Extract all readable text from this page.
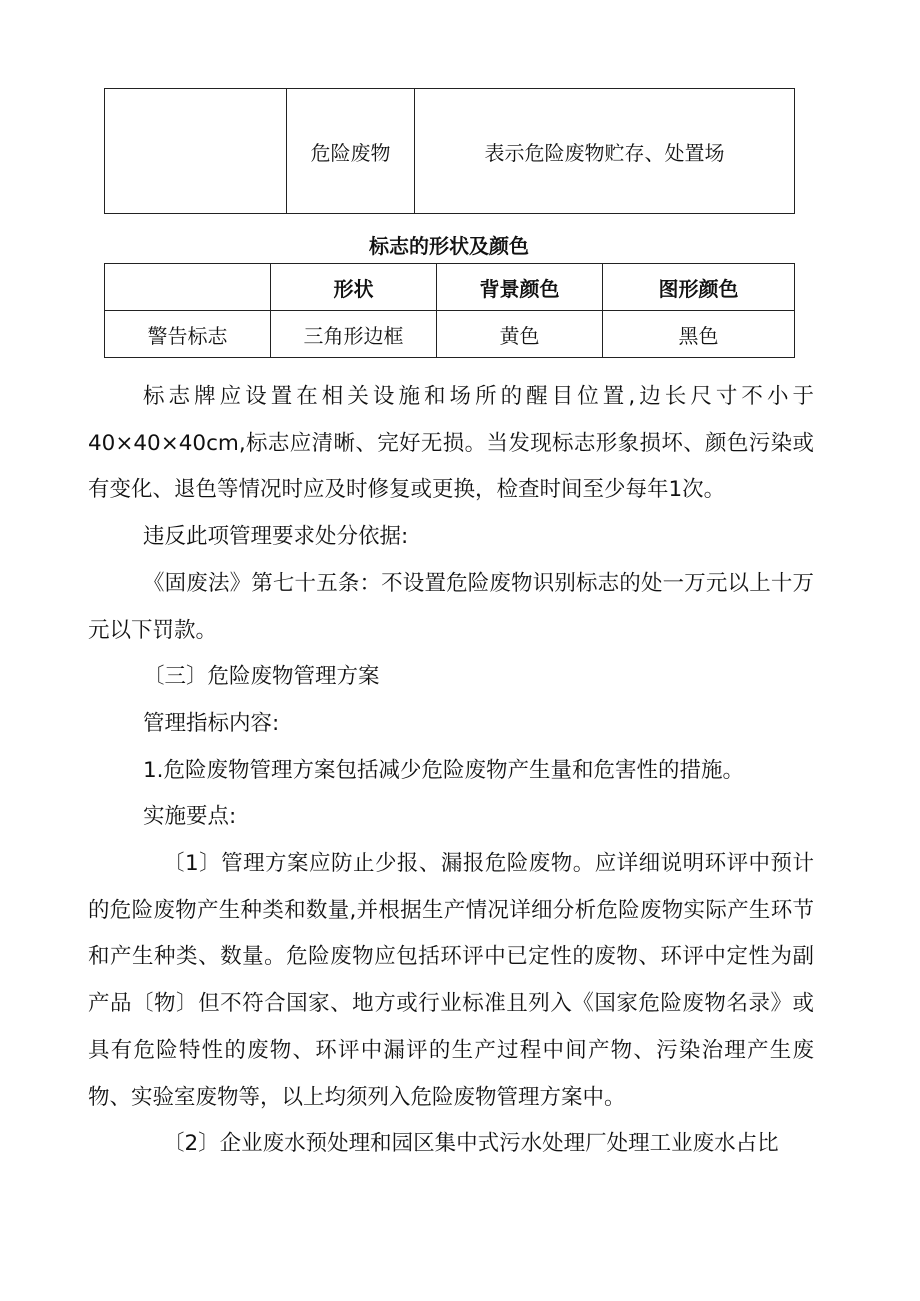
	危险废物	表示危险废物贮存、处置场
标志的形状及颜色
	形状	背景颜色	图形颜色
警告标志	三角形边框	黄色	黑色

标志牌应设置在相关设施和场所的醒目位置,边长尺寸不小于40×40×40cm,标志应清晰、完好无损。当发现标志形象损坏、颜色污染或有变化、退色等情况时应及时修复或更换，检查时间至少每年1次。

违反此项管理要求处分依据:

《固废法》第七十五条：不设置危险废物识别标志的处一万元以上十万元以下罚款。

〔三〕危险废物管理方案

管理指标内容:

1.危险废物管理方案包括减少危险废物产生量和危害性的措施。

实施要点:

〔1〕管理方案应防止少报、漏报危险废物。应详细说明环评中预计的危险废物产生种类和数量,并根据生产情况详细分析危险废物实际产生环节和产生种类、数量。危险废物应包括环评中已定性的废物、环评中定性为副产品〔物〕但不符合国家、地方或行业标准且列入《国家危险废物名录》或具有危险特性的废物、环评中漏评的生产过程中间产物、污染治理产生废物、实验室废物等，以上均须列入危险废物管理方案中。

〔2〕企业废水预处理和园区集中式污水处理厂处理工业废水占比
